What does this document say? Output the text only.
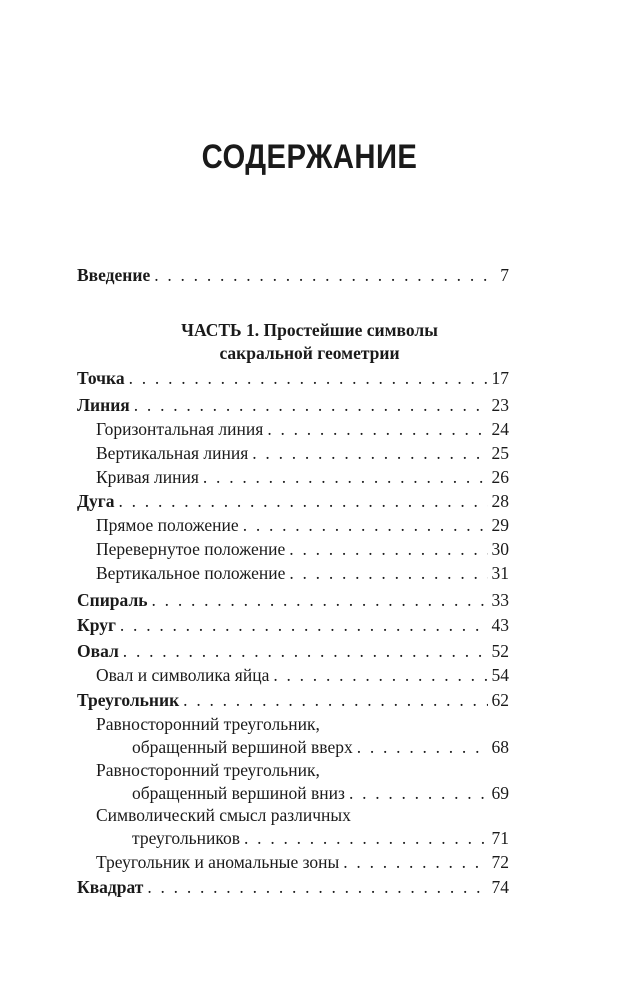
СОДЕРЖАНИЕ
Введение . . .	7
ЧАСТЬ 1. Простейшие символы
сакральной геометрии
Точка . . .	17
Линия . . .	23
Горизонтальная линия . . .	24
Вертикальная линия . . .	25
Кривая линия . . .	26
Дуга . . .	28
Прямое положение . . .	29
Перевернутое положение . . .	30
Вертикальное положение . . .	31
Спираль . . .	33
Круг . . .	43
Овал . . .	52
Овал и символика яйца . . .	54
Треугольник . . .	62
Равносторонний треугольник,
обращенный вершиной вверх . . .	68
Равносторонний треугольник,
обращенный вершиной вниз . . .	69
Символический смысл различных
треугольников . . .	71
Треугольник и аномальные зоны . . .	72
Квадрат . . .	74
